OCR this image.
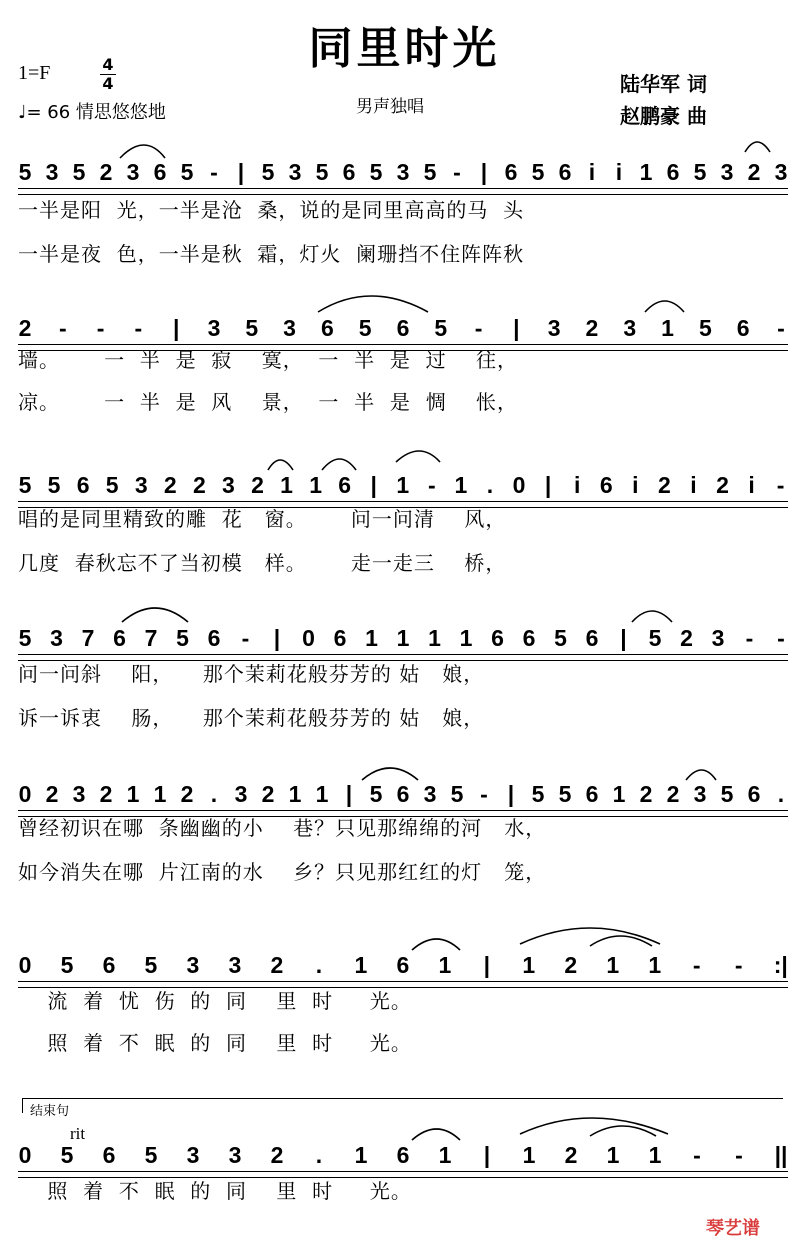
同里时光
1=F	4
4
♩= 66 情思悠悠地	男声独唱
陆华军 词
赵鹏豪 曲
5 3 5 2 3 6 5 - | 5 3 5 6 5 3 5 - | 6 5 6 i i 1 6 5 3 2 3
一半是阳  光，一半是沧  桑，说的是同里高高的马  头
一半是夜  色，一半是秋  霜，灯火  阑珊挡不住阵阵秋
2 - - - | 3 5 3 6 5 6 5 - | 3 2 3 1 5 6 -
墙。      一  半  是  寂    寞，  一  半  是  过    往，
凉。      一  半  是  风    景，  一  半  是  惆    怅，
5 5 6 5 3 2 2 3 2 1 1 6 | 1 - 1 . 0 | i 6 i 2 i 2 i -
唱的是同里精致的雕  花   窗。      问一问清    风，
几度  春秋忘不了当初模   样。      走一走三    桥，
5 3 7 6 7 5 6 - | 0 6 1 1 1 1 6 6 5 6 | 5 2 3 - -
问一问斜    阳，    那个茉莉花般芬芳的 姑   娘，
诉一诉衷    肠，    那个茉莉花般芬芳的 姑   娘，
0 2 3 2 1 1 2 . 3 2 1 1 | 5 6 3 5 - | 5 5 6 1 2 2 3 5 6 .
曾经初识在哪  条幽幽的小    巷？只见那绵绵的河   水，
如今消失在哪  片江南的水    乡？只见那红红的灯   笼，
0 5 6 5 3 3 2 . 1 6 1 | 1 2 1 1 - - :|
流  着  忧  伤  的  同    里  时     光。
照  着  不  眠  的  同    里  时     光。
0 5 6 5 3 3 2 . 1 6 1 | 1 2 1 1 - - ||
照  着  不  眠  的  同    里  时     光。
结束句
rit
琴艺谱
